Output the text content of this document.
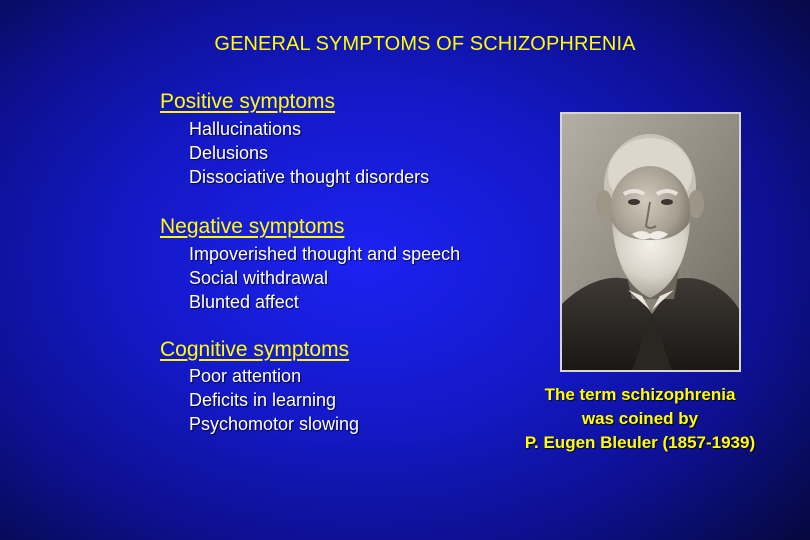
GENERAL SYMPTOMS OF SCHIZOPHRENIA
Positive symptoms
Hallucinations
Delusions
Dissociative thought disorders
Negative symptoms
Impoverished thought and speech
Social withdrawal
Blunted affect
Cognitive symptoms
Poor attention
Deficits in learning
Psychomotor slowing
The term schizophrenia
was coined by
P. Eugen Bleuler (1857-1939)
